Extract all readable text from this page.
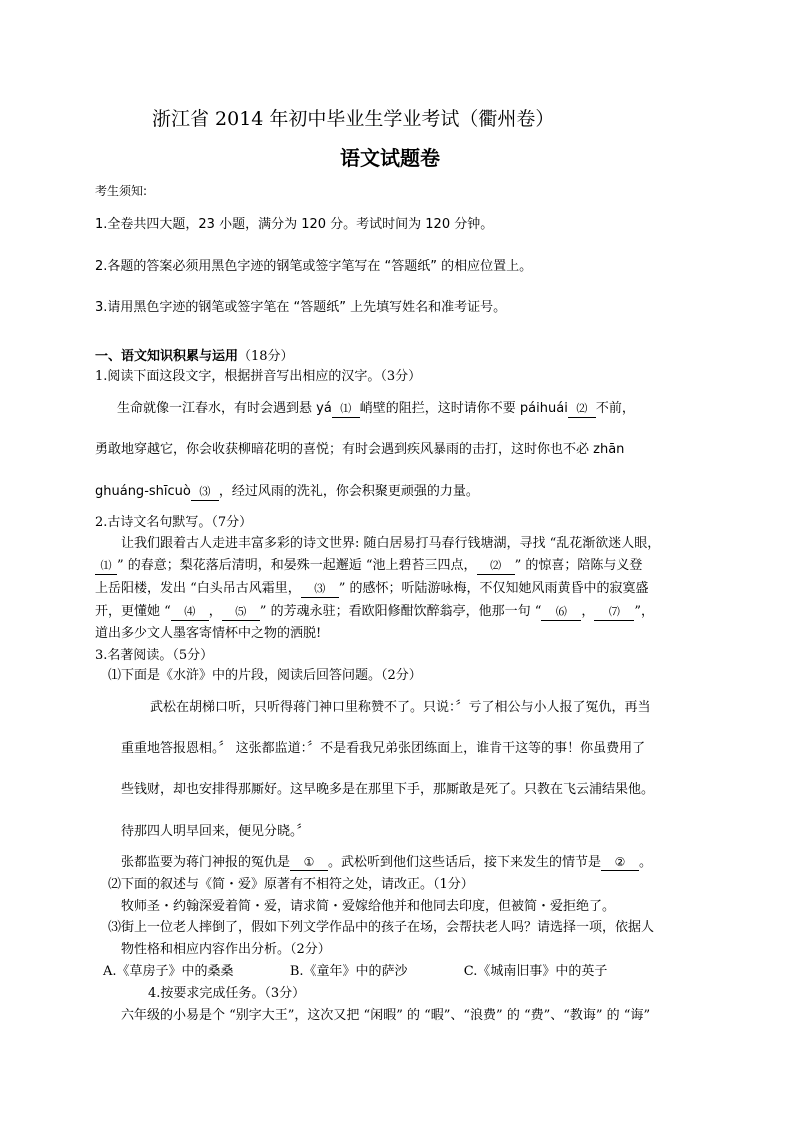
浙江省 2014 年初中毕业生学业考试（衢州卷）
语文试题卷
考生须知:
1.全卷共四大题，23 小题，满分为 120 分。考试时间为 120 分钟。
2.各题的答案必须用黑色字迹的钢笔或签字笔写在 “答题纸” 的相应位置上。
3.请用黑色字迹的钢笔或签字笔在 “答题纸” 上先填写姓名和准考证号。
一、语文知识积累与运用（18分）
1.阅读下面这段文字，根据拼音写出相应的汉字。（3分）
生命就像一江春水，有时会遇到悬 yá ⑴ 峭壁的阻拦，这时请你不要 páihuái ⑵ 不前，
勇敢地穿越它，你会收获柳暗花明的喜悦；有时会遇到疾风暴雨的击打，这时你也不必 zhān
ghuáng-shīcuò ⑶ ，经过风雨的洗礼，你会积聚更顽强的力量。
2.古诗文名句默写。（7分）
让我们跟着古人走进丰富多彩的诗文世界: 随白居易打马春行钱塘湖，寻找 “乱花渐欲迷人眼，
⑴ ” 的春意；梨花落后清明，和晏殊一起邂逅 “池上碧苔三四点， ⑵ ” 的惊喜；陪陈与义登
上岳阳楼，发出 “白头吊古风霜里， ⑶ ” 的感怀；听陆游咏梅，不仅知她风雨黄昏中的寂寞盛
开，更懂她 “ ⑷ ， ⑸ ” 的芳魂永驻；看欧阳修酣饮醉翁亭，他那一句 “ ⑹ ， ⑺ ”，
道出多少文人墨客寄情杯中之物的洒脱!
3.名著阅读。（5分）
⑴下面是《水浒》中的片段，阅读后回答问题。（2分）
武松在胡梯口听，只听得蒋门神口里称赞不了。只说：〞亏了相公与小人报了冤仇，再当
重重地答报恩相。〞 这张都监道：〞不是看我兄弟张团练面上，谁肯干这等的事！你虽费用了
些钱财，却也安排得那厮好。这早晚多是在那里下手，那厮敢是死了。只教在飞云浦结果他。
待那四人明早回来，便见分晓。〞
张都监要为蒋门神报的冤仇是 ① 。武松听到他们这些话后，接下来发生的情节是 ② 。
⑵下面的叙述与《简・爱》原著有不相符之处，请改正。（1分）
牧师圣・约翰深爱着简・爱，请求简・爱嫁给他并和他同去印度，但被简・爱拒绝了。
⑶街上一位老人摔倒了，假如下列文学作品中的孩子在场，会帮扶老人吗？请选择一项，依据人
物性格和相应内容作出分析。（2分）
A.《草房子》中的桑桑	B.《童年》中的萨沙	C.《城南旧事》中的英子
4.按要求完成任务。（3分）
六年级的小易是个 “别字大王”，这次又把 “闲暇” 的 “暇”、“浪费” 的 “费”、“教诲” 的 “诲”
